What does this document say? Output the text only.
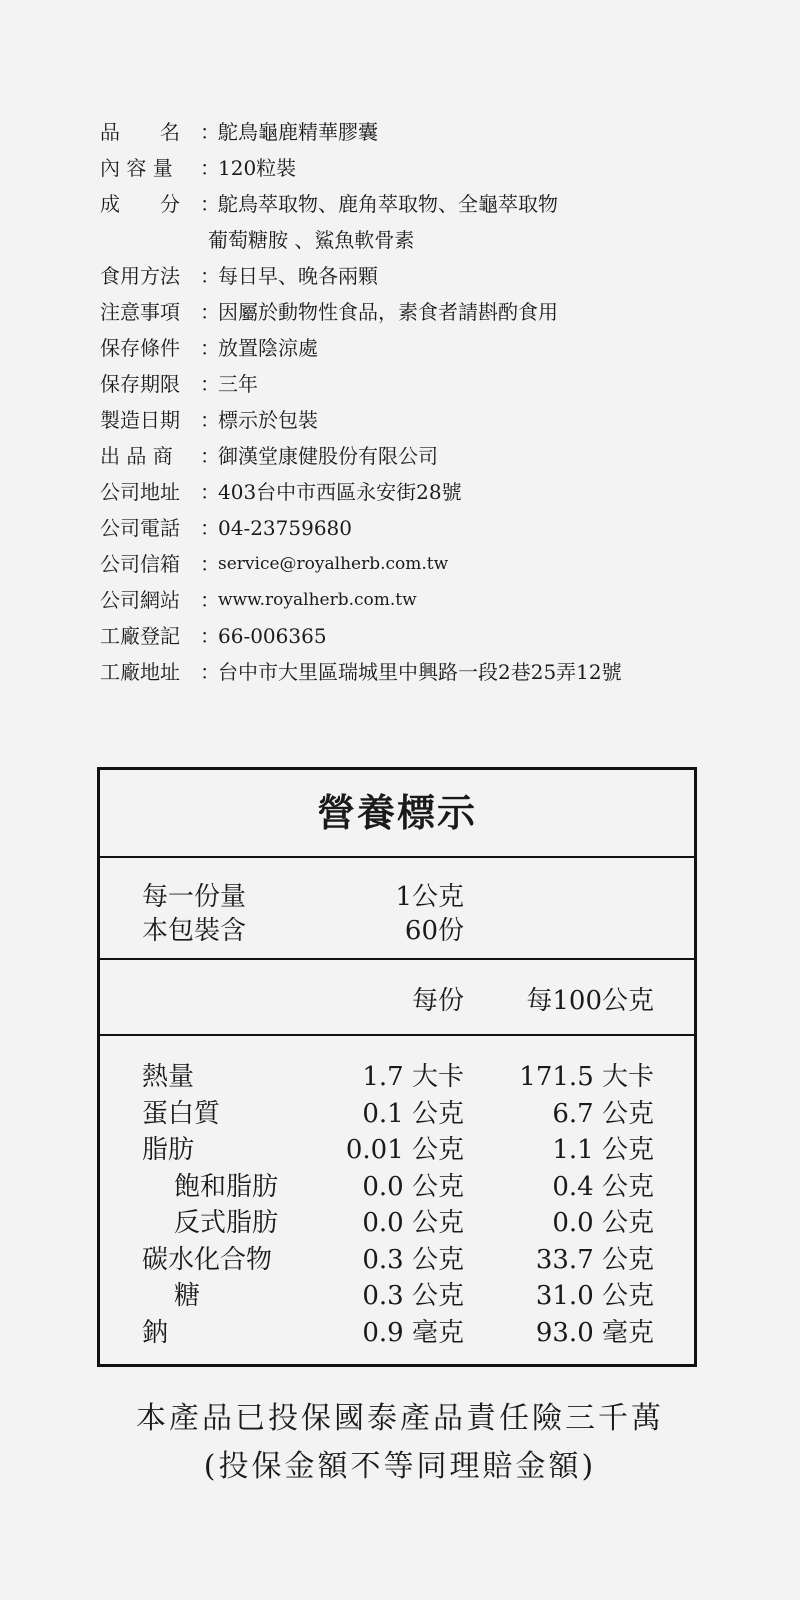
品　　名	：
鴕鳥龜鹿精華膠囊
內 容 量	：
120粒裝
成　　分	：
鴕鳥萃取物、鹿角萃取物、全龜萃取物
葡萄糖胺 、鯊魚軟骨素
食用方法	：
每日早、晚各兩顆
注意事項	：
因屬於動物性食品，素食者請斟酌食用
保存條件	：
放置陰涼處
保存期限	：
三年
製造日期	：
標示於包裝
出 品 商	：
御漢堂康健股份有限公司
公司地址	：
403台中市西區永安街28號
公司電話	：
04-23759680
公司信箱	：
service@royalherb.com.tw
公司網站	：
www.royalherb.com.tw
工廠登記	：
66-006365
工廠地址	：
台中市大里區瑞城里中興路一段2巷25弄12號
營養標示
每一份量	1公克
本包裝含	60份
每份 每100公克
熱量	1.7 大卡 171.5 大卡
蛋白質	0.1 公克	6.7 公克
脂肪	0.01 公克	1.1 公克
飽和脂肪	0.0 公克	0.4 公克
反式脂肪	0.0 公克	0.0 公克
碳水化合物	0.3 公克	33.7 公克
糖	0.3 公克	31.0 公克
鈉	0.9 毫克	93.0 毫克
本產品已投保國泰產品責任險三千萬
(投保金額不等同理賠金額)
